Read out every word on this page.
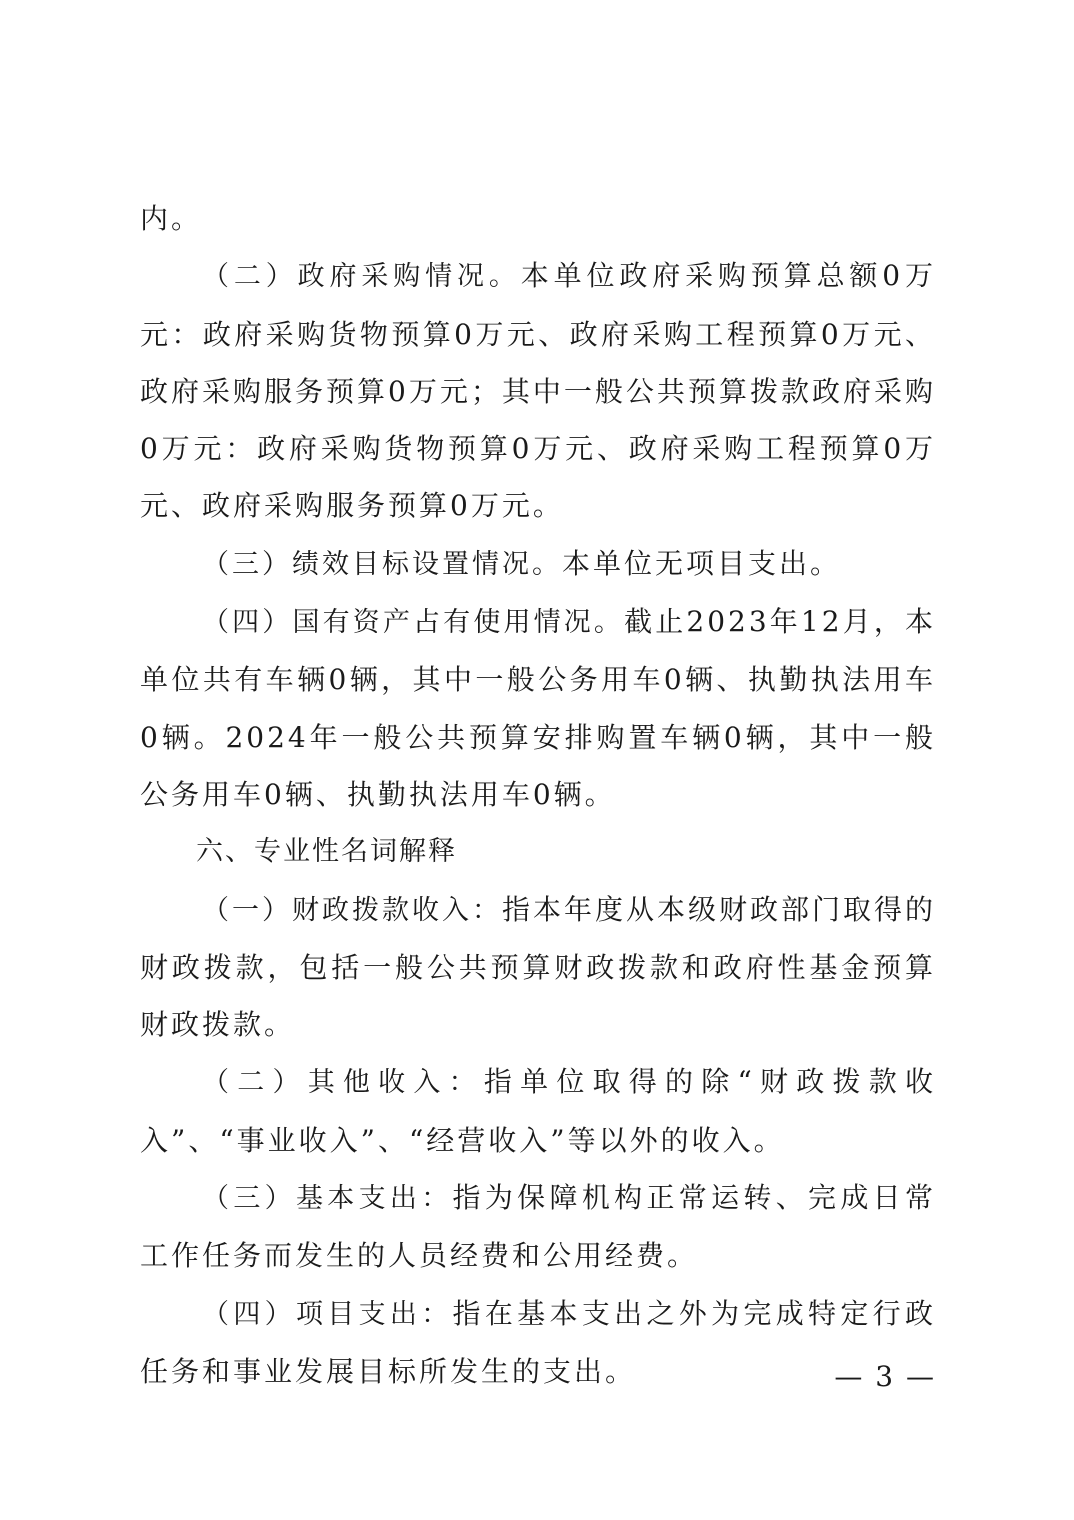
内。

（二）政府采购情况。本单位政府采购预算总额0万元：政府采购货物预算0万元、政府采购工程预算0万元、政府采购服务预算0万元；其中一般公共预算拨款政府采购0万元：政府采购货物预算0万元、政府采购工程预算0万元、政府采购服务预算0万元。

（三）绩效目标设置情况。本单位无项目支出。

（四）国有资产占有使用情况。截止2023年12月，本单位共有车辆0辆，其中一般公务用车0辆、执勤执法用车0辆。2024年一般公共预算安排购置车辆0辆，其中一般公务用车0辆、执勤执法用车0辆。

六、专业性名词解释

（一）财政拨款收入：指本年度从本级财政部门取得的财政拨款，包括一般公共预算财政拨款和政府性基金预算财政拨款。

（二）其他收入：指单位取得的除“财政拨款收入”、“事业收入”、“经营收入”等以外的收入。

（三）基本支出：指为保障机构正常运转、完成日常工作任务而发生的人员经费和公用经费。

（四）项目支出：指在基本支出之外为完成特定行政任务和事业发展目标所发生的支出。	— 3 —
